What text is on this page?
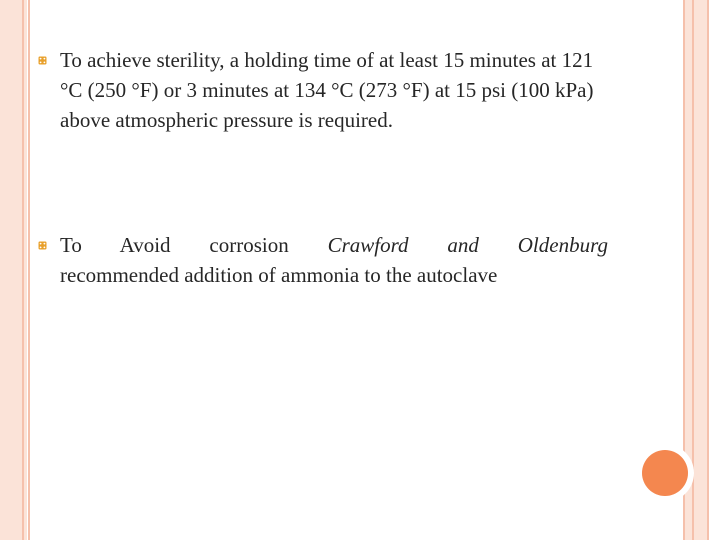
To achieve sterility, a holding time of at least 15 minutes at 121 °C (250 °F) or 3 minutes at 134 °C (273 °F) at 15 psi (100 kPa) above atmospheric pressure is required.
To Avoid corrosion Crawford and Oldenburg
recommended addition of ammonia to the autoclave
